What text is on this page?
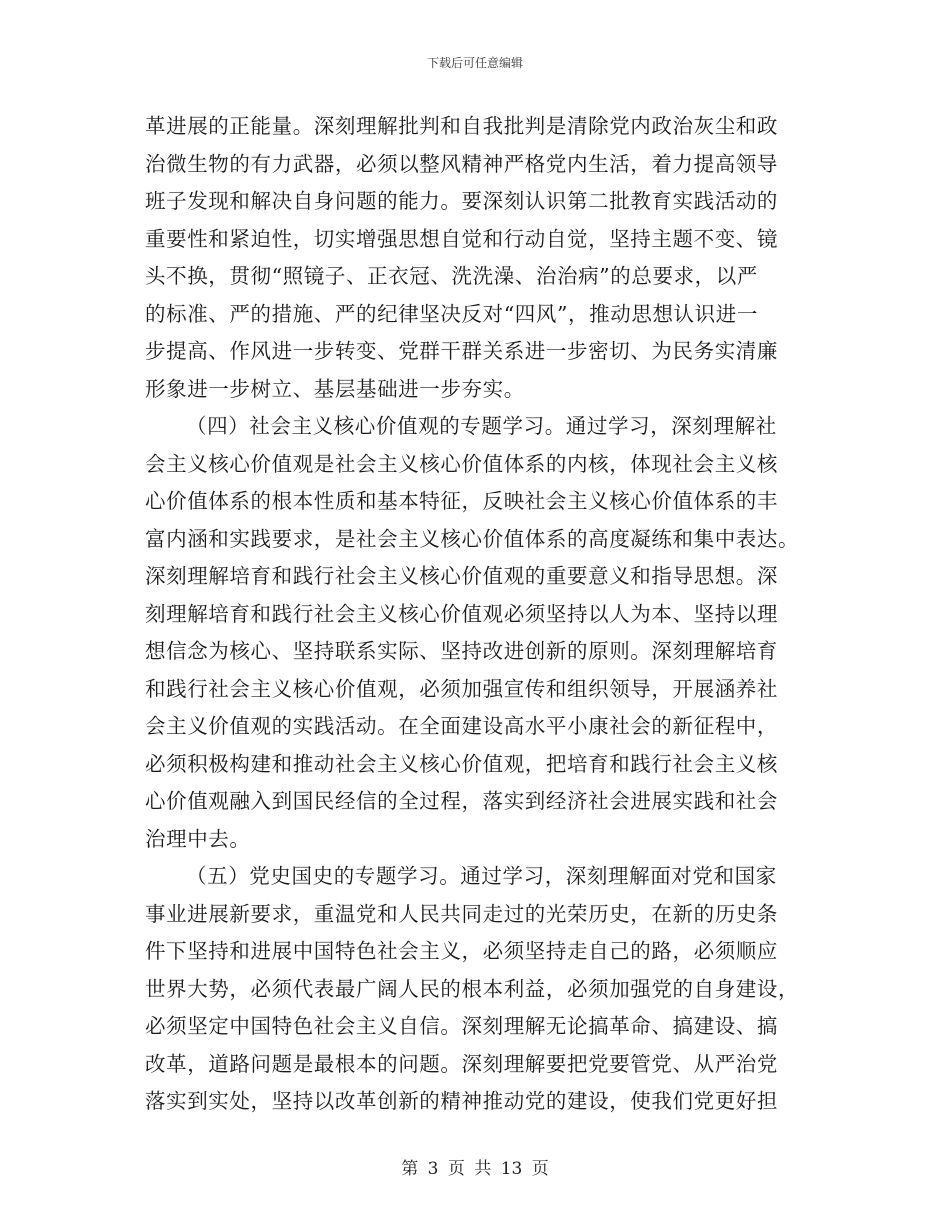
下载后可任意编辑
革进展的正能量。深刻理解批判和自我批判是清除党内政治灰尘和政
治微生物的有力武器，必须以整风精神严格党内生活，着力提高领导
班子发现和解决自身问题的能力。要深刻认识第二批教育实践活动的
重要性和紧迫性，切实增强思想自觉和行动自觉，坚持主题不变、镜
头不换，贯彻“照镜子、正衣冠、洗洗澡、治治病”的总要求，以严
的标准、严的措施、严的纪律坚决反对“四风”，推动思想认识进一
步提高、作风进一步转变、党群干群关系进一步密切、为民务实清廉
形象进一步树立、基层基础进一步夯实。
（四）社会主义核心价值观的专题学习。通过学习，深刻理解社
会主义核心价值观是社会主义核心价值体系的内核，体现社会主义核
心价值体系的根本性质和基本特征，反映社会主义核心价值体系的丰
富内涵和实践要求，是社会主义核心价值体系的高度凝练和集中表达。
深刻理解培育和践行社会主义核心价值观的重要意义和指导思想。深
刻理解培育和践行社会主义核心价值观必须坚持以人为本、坚持以理
想信念为核心、坚持联系实际、坚持改进创新的原则。深刻理解培育
和践行社会主义核心价值观，必须加强宣传和组织领导，开展涵养社
会主义价值观的实践活动。在全面建设高水平小康社会的新征程中，
必须积极构建和推动社会主义核心价值观，把培育和践行社会主义核
心价值观融入到国民经信的全过程，落实到经济社会进展实践和社会
治理中去。
（五）党史国史的专题学习。通过学习，深刻理解面对党和国家
事业进展新要求，重温党和人民共同走过的光荣历史，在新的历史条
件下坚持和进展中国特色社会主义，必须坚持走自己的路，必须顺应
世界大势，必须代表最广阔人民的根本利益，必须加强党的自身建设，
必须坚定中国特色社会主义自信。深刻理解无论搞革命、搞建设、搞
改革，道路问题是最根本的问题。深刻理解要把党要管党、从严治党
落实到实处，坚持以改革创新的精神推动党的建设，使我们党更好担
第 3 页 共 13 页
